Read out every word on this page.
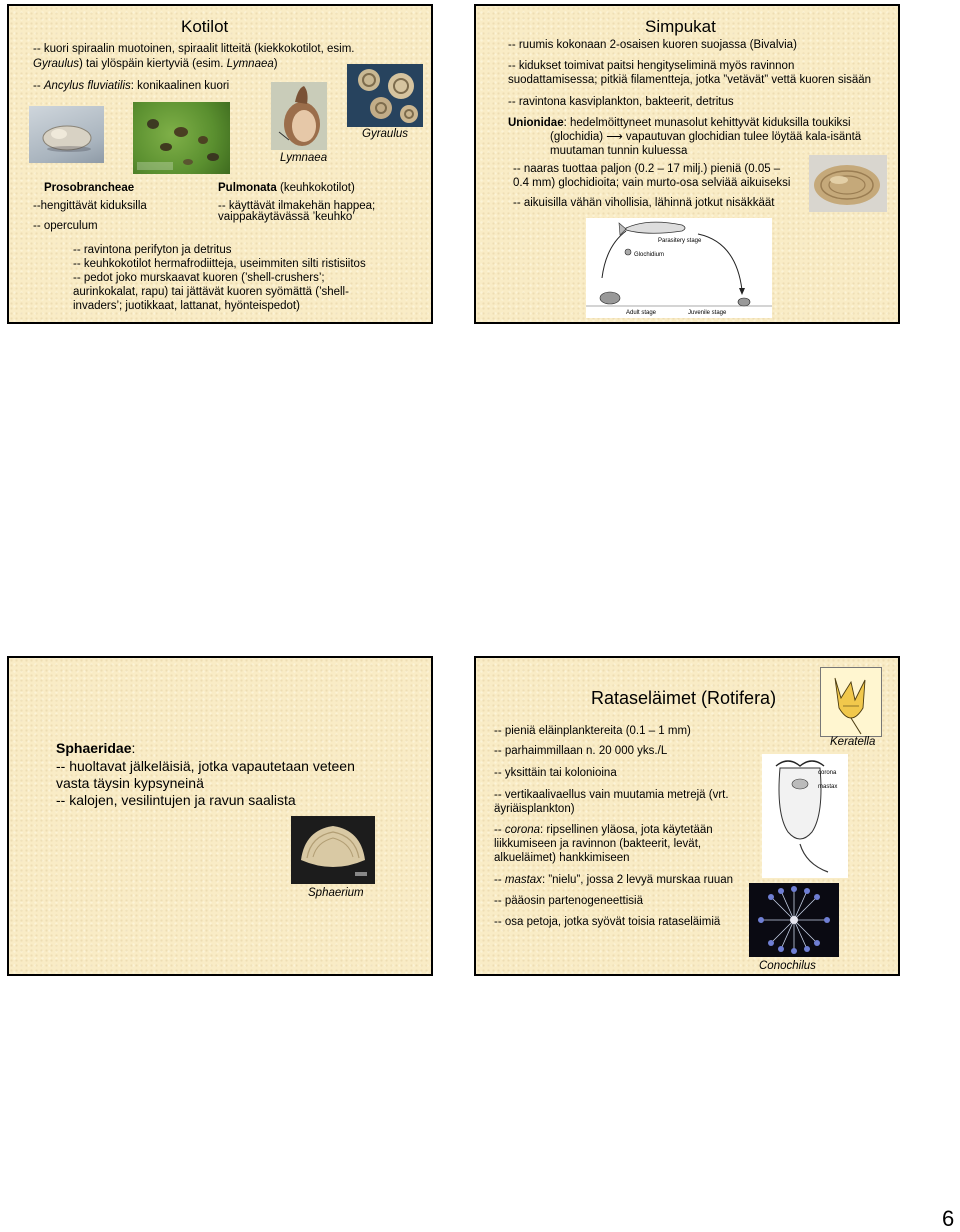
Kotilot
-- kuori spiraalin muotoinen, spiraalit litteitä (kiekkokotilot, esim.
Gyraulus) tai ylöspäin kiertyviä (esim. Lymnaea)
-- Ancylus fluviatilis: konikaalinen kuori
Lymnaea
Gyraulus
Prosobrancheae
--hengittävät kiduksilla
-- operculum
Pulmonata (keuhkokotilot)
-- käyttävät ilmakehän happea;
vaippakäytävässä ’keuhko’
-- ravintona perifyton ja detritus
-- keuhkokotilot hermafrodiitteja, useimmiten silti ristisiitos
-- pedot joko murskaavat kuoren (’shell-crushers’;
aurinkokalat, rapu) tai jättävät kuoren syömättä (’shell-
invaders’; juotikkaat, lattanat, hyönteispedot)
Simpukat
-- ruumis kokonaan 2-osaisen kuoren suojassa (Bivalvia)
-- kidukset toimivat paitsi hengityseliminä myös ravinnon
suodattamisessa; pitkiä filamentteja, jotka ”vetävät” vettä kuoren sisään
-- ravintona kasviplankton, bakteerit, detritus
Unionidae: hedelmöittyneet munasolut kehittyvät kiduksilla toukiksi
(glochidia) ⟶ vapautuvan glochidian tulee löytää kala-isäntä
muutaman tunnin kuluessa
-- naaras tuottaa paljon (0.2 – 17 milj.) pieniä (0.05 –
0.4 mm) glochidioita; vain murto-osa selviää aikuiseksi
-- aikuisilla vähän vihollisia, lähinnä jotkut nisäkkäät
Parasitery stage
Glochidium
Adult stage	Juvenile stage
Sphaeridae:
-- huoltavat jälkeläisiä, jotka vapautetaan veteen
vasta täysin kypsyneinä
-- kalojen, vesilintujen ja ravun saalista
Sphaerium
Rataseläimet (Rotifera)
Keratella
-- pieniä eläinplanktereita (0.1 – 1 mm)
-- parhaimmillaan n. 20 000 yks./L
-- yksittäin tai kolonioina
-- vertikaalivaellus vain muutamia metrejä (vrt.
äyriäisplankton)
-- corona: ripsellinen yläosa, jota käytetään
liikkumiseen ja ravinnon (bakteerit, levät,
alkueläimet) hankkimiseen
-- mastax: ”nielu”, jossa 2 levyä murskaa ruuan
-- pääosin partenogeneettisiä
-- osa petoja, jotka syövät toisia rataseläimiä
corona
mastax
Conochilus
6
